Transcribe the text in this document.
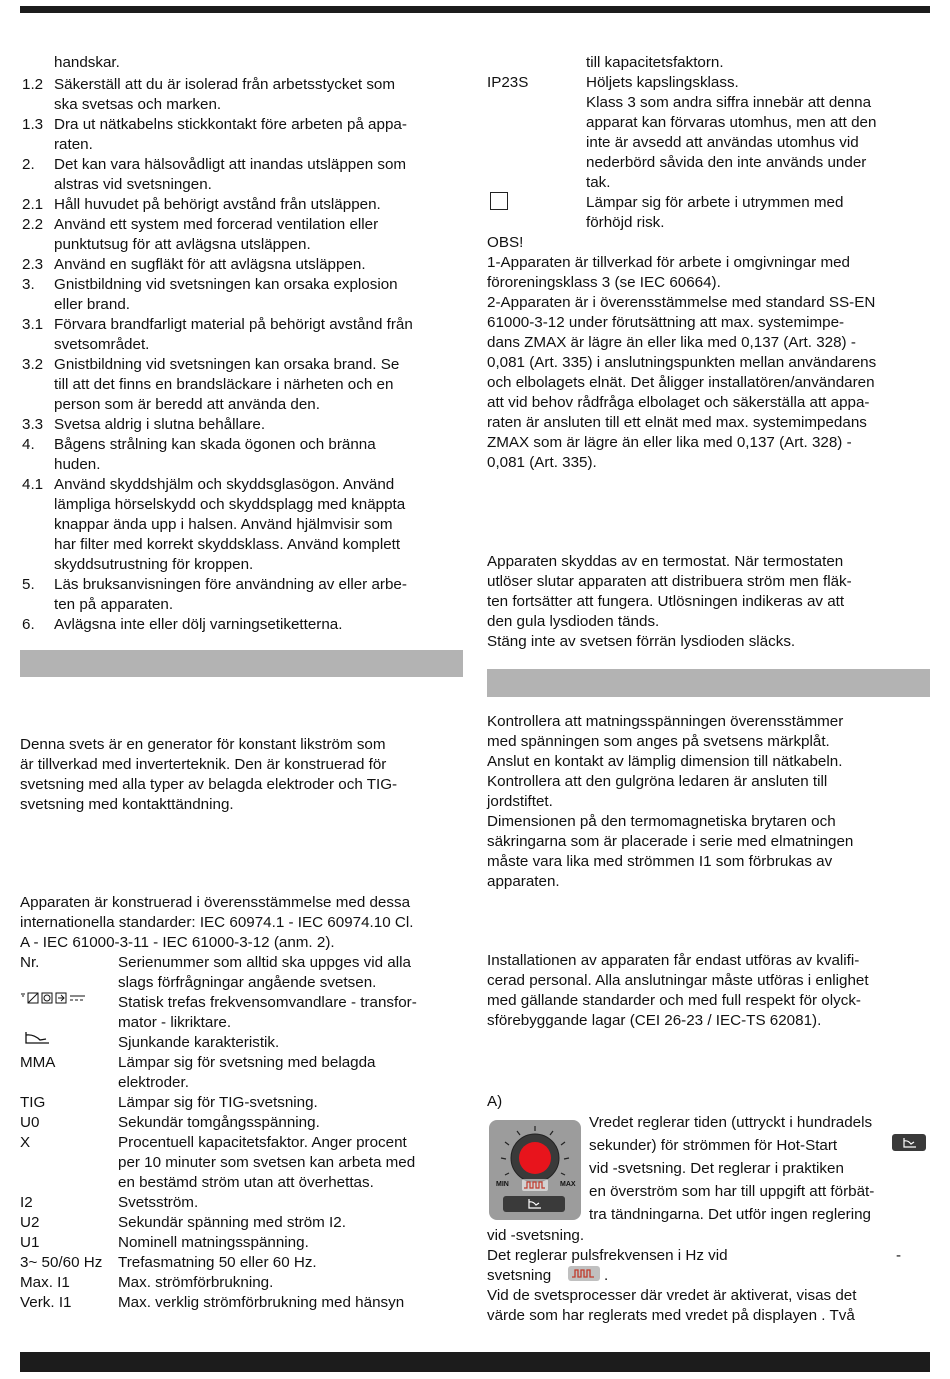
handskar.
1.2 Säkerställ att du är isolerad från arbetsstycket som
ska svetsas och marken.
1.3 Dra ut nätkabelns stickkontakt före arbeten på appa-
raten.
2. Det kan vara hälsovådligt att inandas utsläppen som
alstras vid svetsningen.
2.1 Håll huvudet på behörigt avstånd från utsläppen.
2.2 Använd ett system med forcerad ventilation eller
punktutsug för att avlägsna utsläppen.
2.3 Använd en sugfläkt för att avlägsna utsläppen.
3. Gnistbildning vid svetsningen kan orsaka explosion
eller brand.
3.1 Förvara brandfarligt material på behörigt avstånd från
svetsområdet.
3.2 Gnistbildning vid svetsningen kan orsaka brand. Se
till att det finns en brandsläckare i närheten och en
person som är beredd att använda den.
3.3 Svetsa aldrig i slutna behållare.
4. Bågens strålning kan skada ögonen och bränna
huden.
4.1 Använd skyddshjälm och skyddsglasögon. Använd
lämpliga hörselskydd och skyddsplagg med knäppta
knappar ända upp i halsen. Använd hjälmvisir som
har filter med korrekt skyddsklass. Använd komplett
skyddsutrustning för kroppen.
5. Läs bruksanvisningen före användning av eller arbe-
ten på apparaten.
6. Avlägsna inte eller dölj varningsetiketterna.
Denna svets är en generator för konstant likström som
är tillverkad med inverterteknik. Den är konstruerad för
svetsning med alla typer av belagda elektroder och TIG-
svetsning med kontakttändning.
Apparaten är konstruerad i överensstämmelse med dessa
internationella standarder: IEC 60974.1 - IEC 60974.10 Cl.
A - IEC 61000-3-11 - IEC 61000-3-12 (anm. 2).
Nr.	Serienummer som alltid ska uppges vid alla
slags förfrågningar angående svetsen.
Statisk trefas frekvensomvandlare - transfor-
mator - likriktare.
Sjunkande karakteristik.
MMA	Lämpar sig för svetsning med belagda
elektroder.
TIG	Lämpar sig för TIG-svetsning.
U0	Sekundär tomgångsspänning.
X	Procentuell kapacitetsfaktor. Anger procent
per 10 minuter som svetsen kan arbeta med
en bestämd ström utan att överhettas.
I2	Svetsström.
U2	Sekundär spänning med ström I2.
U1	Nominell matningsspänning.
3~ 50/60 Hz Trefasmatning 50 eller 60 Hz.
Max. I1	Max. strömförbrukning.
Verk. I1	Max. verklig strömförbrukning med hänsyn
till kapacitetsfaktorn.
IP23S	Höljets kapslingsklass.
Klass 3 som andra siffra innebär att denna
apparat kan förvaras utomhus, men att den
inte är avsedd att användas utomhus vid
nederbörd såvida den inte används under
tak.
Lämpar sig för arbete i utrymmen med
förhöjd risk.
OBS!
1-Apparaten är tillverkad för arbete i omgivningar med
föroreningsklass 3 (se IEC 60664).
2-Apparaten är i överensstämmelse med standard SS-EN
61000-3-12 under förutsättning att max. systemimpe-
dans ZMAX är lägre än eller lika med 0,137 (Art. 328) -
0,081 (Art. 335) i anslutningspunkten mellan användarens
och elbolagets elnät. Det åligger installatören/användaren
att vid behov rådfråga elbolaget och säkerställa att appa-
raten är ansluten till ett elnät med max. systemimpedans
ZMAX som är lägre än eller lika med 0,137 (Art. 328) -
0,081 (Art. 335).
Apparaten skyddas av en termostat. När termostaten
utlöser slutar apparaten att distribuera ström men fläk-
ten fortsätter att fungera. Utlösningen indikeras av att
den gula lysdioden tänds.
Stäng inte av svetsen förrän lysdioden släcks.
Kontrollera att matningsspänningen överensstämmer
med spänningen som anges på svetsens märkplåt.
Anslut en kontakt av lämplig dimension till nätkabeln.
Kontrollera att den gulgröna ledaren är ansluten till
jordstiftet.
Dimensionen på den termomagnetiska brytaren och
säkringarna som är placerade i serie med elmatningen
måste vara lika med strömmen I1 som förbrukas av
apparaten.
Installationen av apparaten får endast utföras av kvalifi-
cerad personal. Alla anslutningar måste utföras i enlighet
med gällande standarder och med full respekt för olyck-
sförebyggande lagar (CEI 26-23 / IEC-TS 62081).
A)
MIN	MAX
Vredet reglerar tiden (uttryckt i hundradels
sekunder) för strömmen för Hot-Start
vid -svetsning. Det reglerar i praktiken
en överström som har till uppgift att förbät-
tra tändningarna. Det utför ingen reglering
vid -svetsning.
Det reglerar pulsfrekvensen i Hz vid
svetsning
Vid de svetsprocesser där vredet är aktiverat, visas det
värde som har reglerats med vredet på displayen . Två
.
-
